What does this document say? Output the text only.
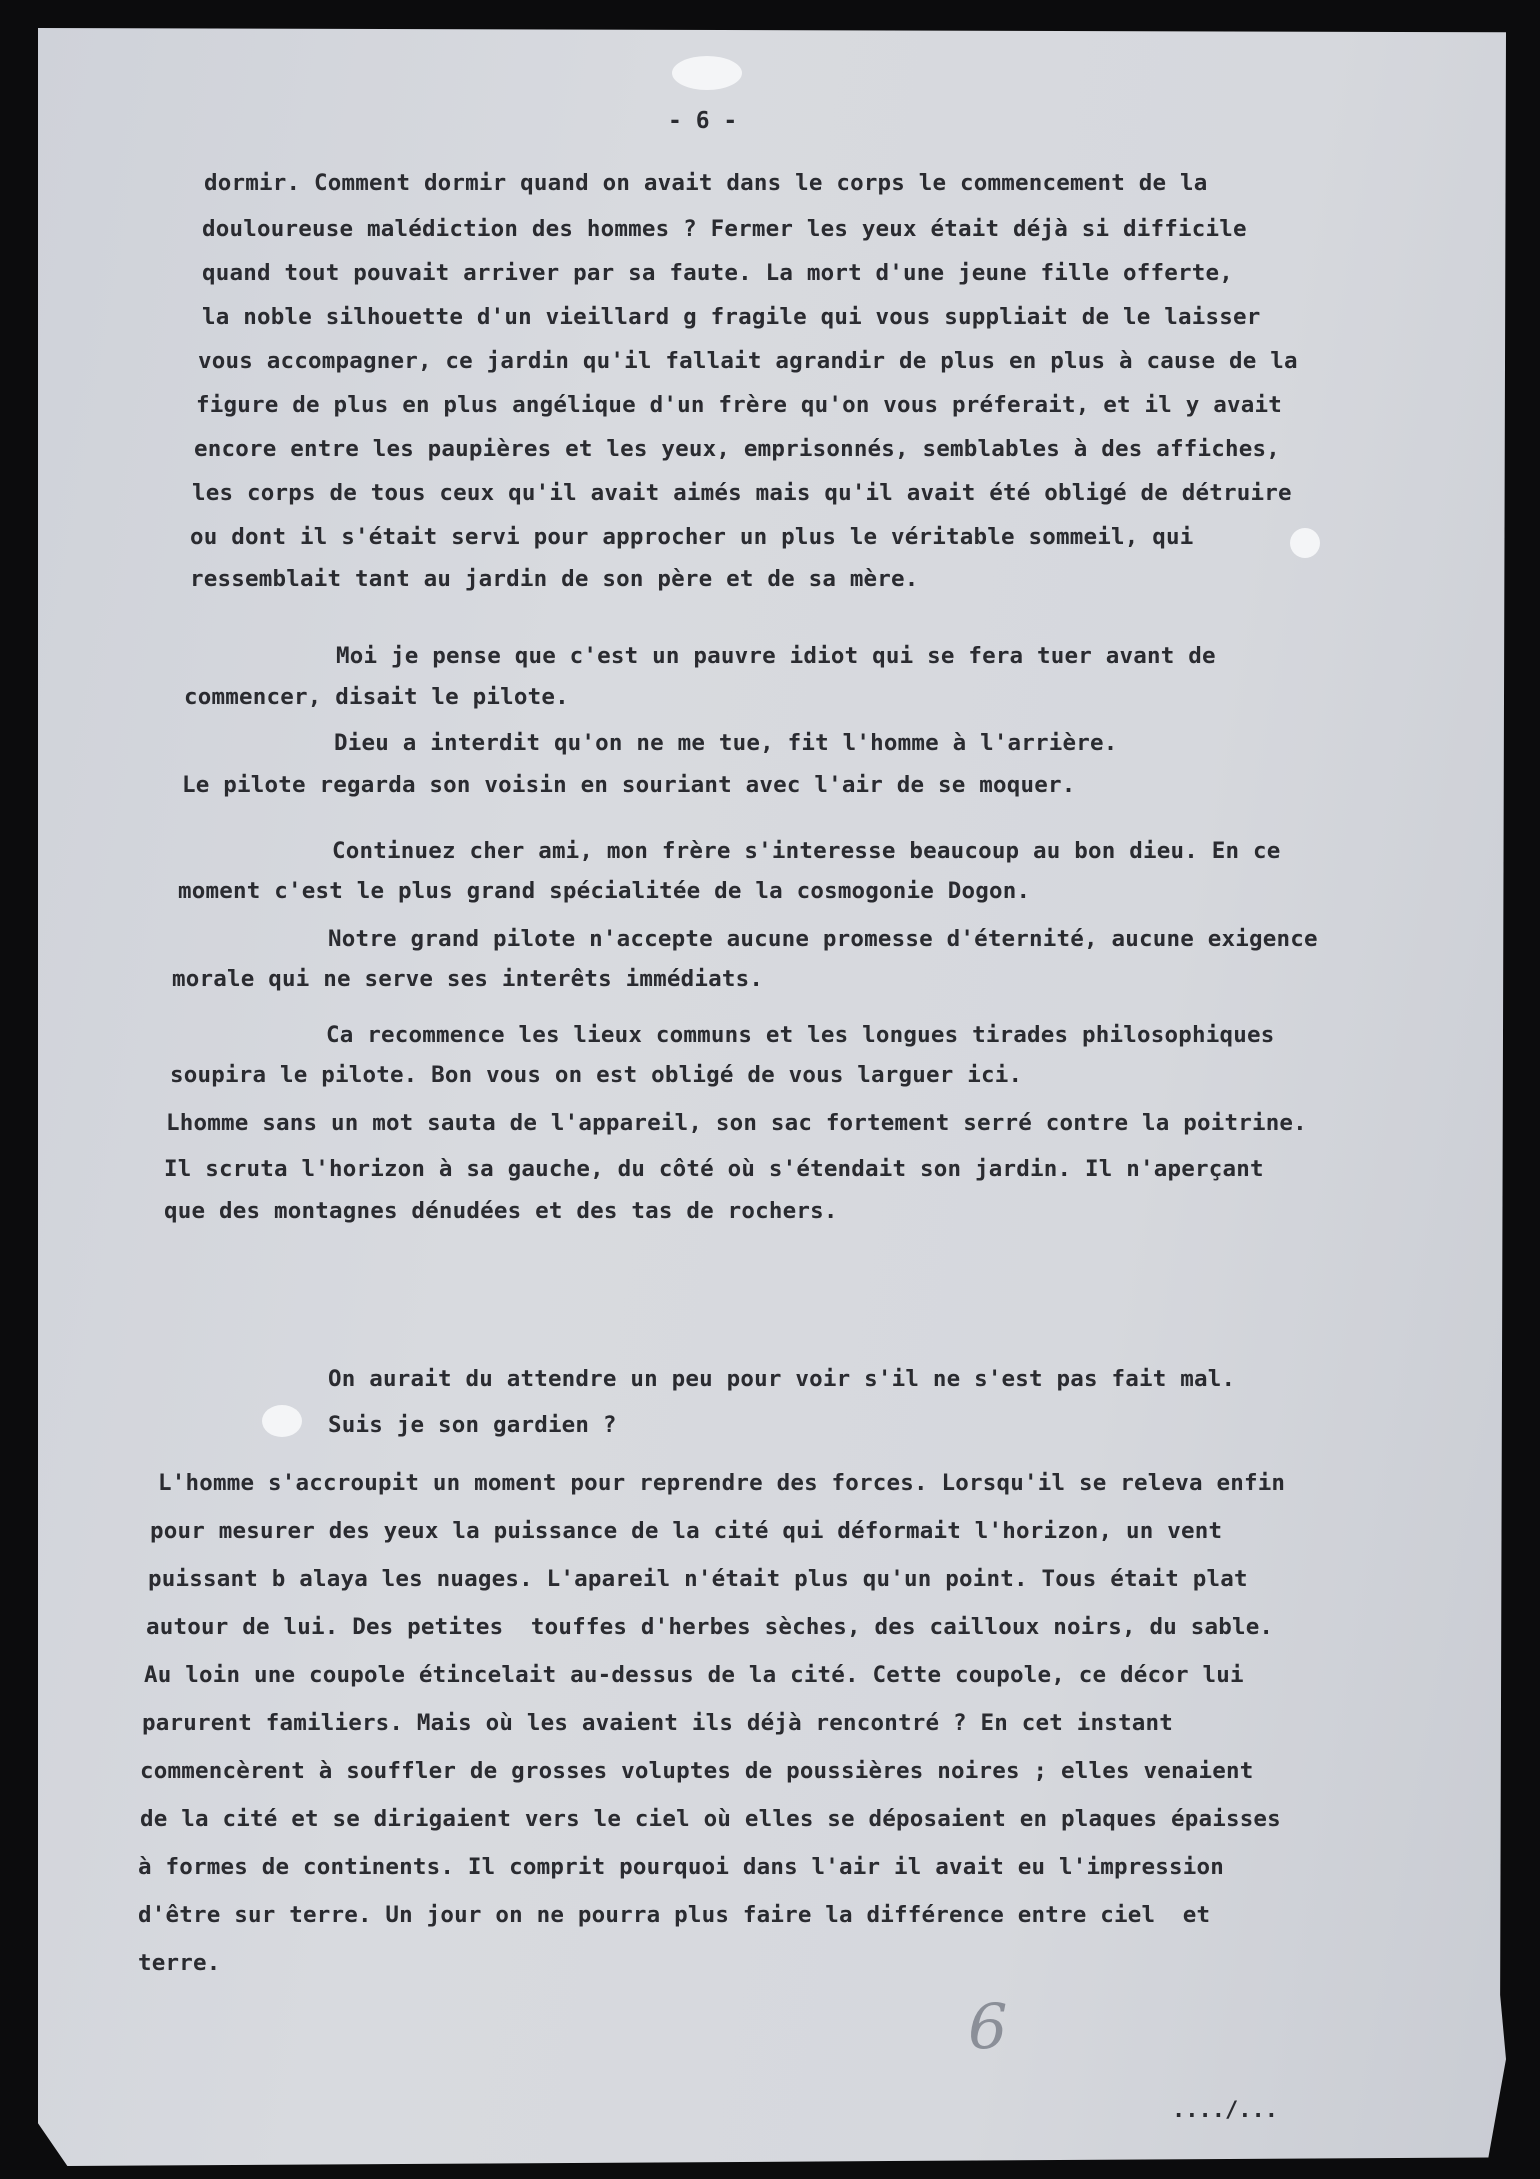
- 6 -
dormir. Comment dormir quand on avait dans le corps le commencement de la
douloureuse malédiction des hommes ? Fermer les yeux était déjà si difficile
quand tout pouvait arriver par sa faute. La mort d'une jeune fille offerte,
la noble silhouette d'un vieillard g fragile qui vous suppliait de le laisser
vous accompagner, ce jardin qu'il fallait agrandir de plus en plus à cause de la
figure de plus en plus angélique d'un frère qu'on vous préferait, et il y avait
encore entre les paupières et les yeux, emprisonnés, semblables à des affiches,
les corps de tous ceux qu'il avait aimés mais qu'il avait été obligé de détruire
ou dont il s'était servi pour approcher un plus le véritable sommeil, qui
ressemblait tant au jardin de son père et de sa mère.
Moi je pense que c'est un pauvre idiot qui se fera tuer avant de
commencer, disait le pilote.
Dieu a interdit qu'on ne me tue, fit l'homme à l'arrière.
Le pilote regarda son voisin en souriant avec l'air de se moquer.
Continuez cher ami, mon frère s'interesse beaucoup au bon dieu. En ce
moment c'est le plus grand spécialitée de la cosmogonie Dogon.
Notre grand pilote n'accepte aucune promesse d'éternité, aucune exigence
morale qui ne serve ses interêts immédiats.
Ca recommence les lieux communs et les longues tirades philosophiques
soupira le pilote. Bon vous on est obligé de vous larguer ici.
Lhomme sans un mot sauta de l'appareil, son sac fortement serré contre la poitrine.
Il scruta l'horizon à sa gauche, du côté où s'étendait son jardin. Il n'aperçant
que des montagnes dénudées et des tas de rochers.
On aurait du attendre un peu pour voir s'il ne s'est pas fait mal.
Suis je son gardien ?
L'homme s'accroupit un moment pour reprendre des forces. Lorsqu'il se releva enfin
pour mesurer des yeux la puissance de la cité qui déformait l'horizon, un vent
puissant b alaya les nuages. L'apareil n'était plus qu'un point. Tous était plat
autour de lui. Des petites  touffes d'herbes sèches, des cailloux noirs, du sable.
Au loin une coupole étincelait au-dessus de la cité. Cette coupole, ce décor lui
parurent familiers. Mais où les avaient ils déjà rencontré ? En cet instant
commencèrent à souffler de grosses voluptes de poussières noires ; elles venaient
de la cité et se dirigaient vers le ciel où elles se déposaient en plaques épaisses
à formes de continents. Il comprit pourquoi dans l'air il avait eu l'impression
d'être sur terre. Un jour on ne pourra plus faire la différence entre ciel  et
terre.
6
..../...
